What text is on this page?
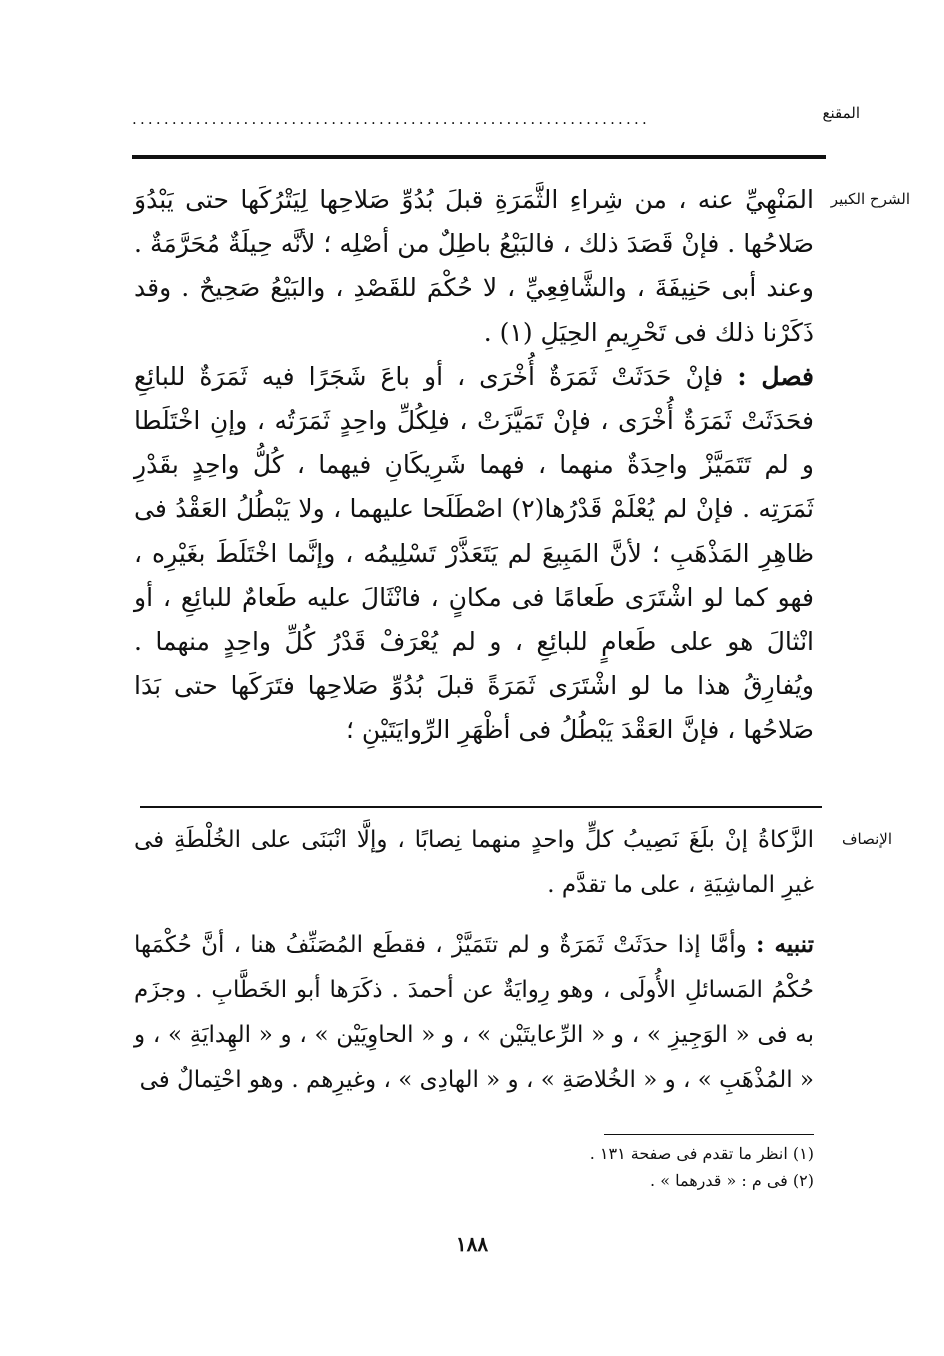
المقنع
.................................................................
الشرح الكبير

المَنْهِيِّ عنه ، من شِراءِ الثَّمَرَةِ قبلَ بُدُوِّ صَلاحِها لِيَتْرُكَها حتى يَبْدُوَ صَلاحُها . فإنْ قَصَدَ ذلك ، فالبَيْعُ باطِلٌ من أصْلِه ؛ لأنَّه حِيلَةٌ مُحَرَّمَةٌ . وعند أبى حَنِيفَةَ ، والشَّافِعِيِّ ، لا حُكْمَ للقَصْدِ ، والبَيْعُ صَحِيحٌ . وقد ذَكَرْنا ذلك فى تَحْرِيمِ الحِيَلِ (١) .

فصل : فإنْ حَدَثَتْ ثَمَرَةٌ أُخْرَى ، أو باعَ شَجَرًا فيه ثَمَرَةٌ للبائِعِ فحَدَثَتْ ثَمَرَةٌ أُخْرَى ، فإنْ تَمَيَّزَتْ ، فلِكُلِّ واحِدٍ ثَمَرَتُه ، وإنِ اخْتَلَطا و لم تَتَمَيَّزْ واحِدَةٌ منهما ، فهما شَرِيكَانِ فيهما ، كُلُّ واحِدٍ بقَدْرِ ثَمَرَتِه . فإنْ لم يُعْلَمْ قَدْرُها(٢) اصْطَلَحا عليهما ، ولا يَبْطُلُ العَقْدُ فى ظاهِرِ المَذْهَبِ ؛ لأنَّ المَبِيعَ لم يَتَعَذَّرْ تَسْلِيمُه ، وإنَّما اخْتَلَطَ بغَيْرِه ، فهو كما لو اشْتَرَى طَعامًا فى مكانٍ ، فانْثَالَ عليه طَعامٌ للبائِعِ ، أو انْثالَ هو على طَعامٍ للبائِعِ ، و لم يُعْرَفْ قَدْرُ كُلِّ واحِدٍ منهما . ويُفارِقُ هذا ما لو اشْتَرَى ثَمَرَةً قبلَ بُدُوِّ صَلاحِها فتَرَكَها حتى بَدَا صَلاحُها ، فإنَّ العَقْدَ يَبْطُلُ فى أظْهَرِ الرِّوايَتَيْنِ ؛

الإنصاف

الزَّكاةُ إنْ بلَغَ نَصِيبُ كلٍّ واحدٍ منهما نِصابًا ، وإلَّا انْبَنَى على الخُلْطَةِ فى غيرِ الماشِيَةِ ، على ما تقدَّم .

تنبيه : وأمَّا إذا حدَثَتْ ثَمَرَةٌ و لم تتَمَيَّزْ ، فقطَع المُصَنِّفُ هنا ، أنَّ حُكْمَها حُكْمُ المَسائلِ الأُولَى ، وهو رِوايَةٌ عن أحمدَ . ذكَرَها أبو الخَطَّابِ . وجزَم به فى « الوَجِيزِ » ، و « الرِّعايتَيْن » ، و « الحاوِيَيْن » ، و « الهِدايَةِ » ، و « المُذْهَبِ » ، و « الخُلاصَةِ » ، و « الهادِى » ، وغيرِهم . وهو احْتِمالٌ فى

(١) انظر ما تقدم فى صفحة ١٣١ .
(٢) فى م : « قدرهما » .
١٨٨
